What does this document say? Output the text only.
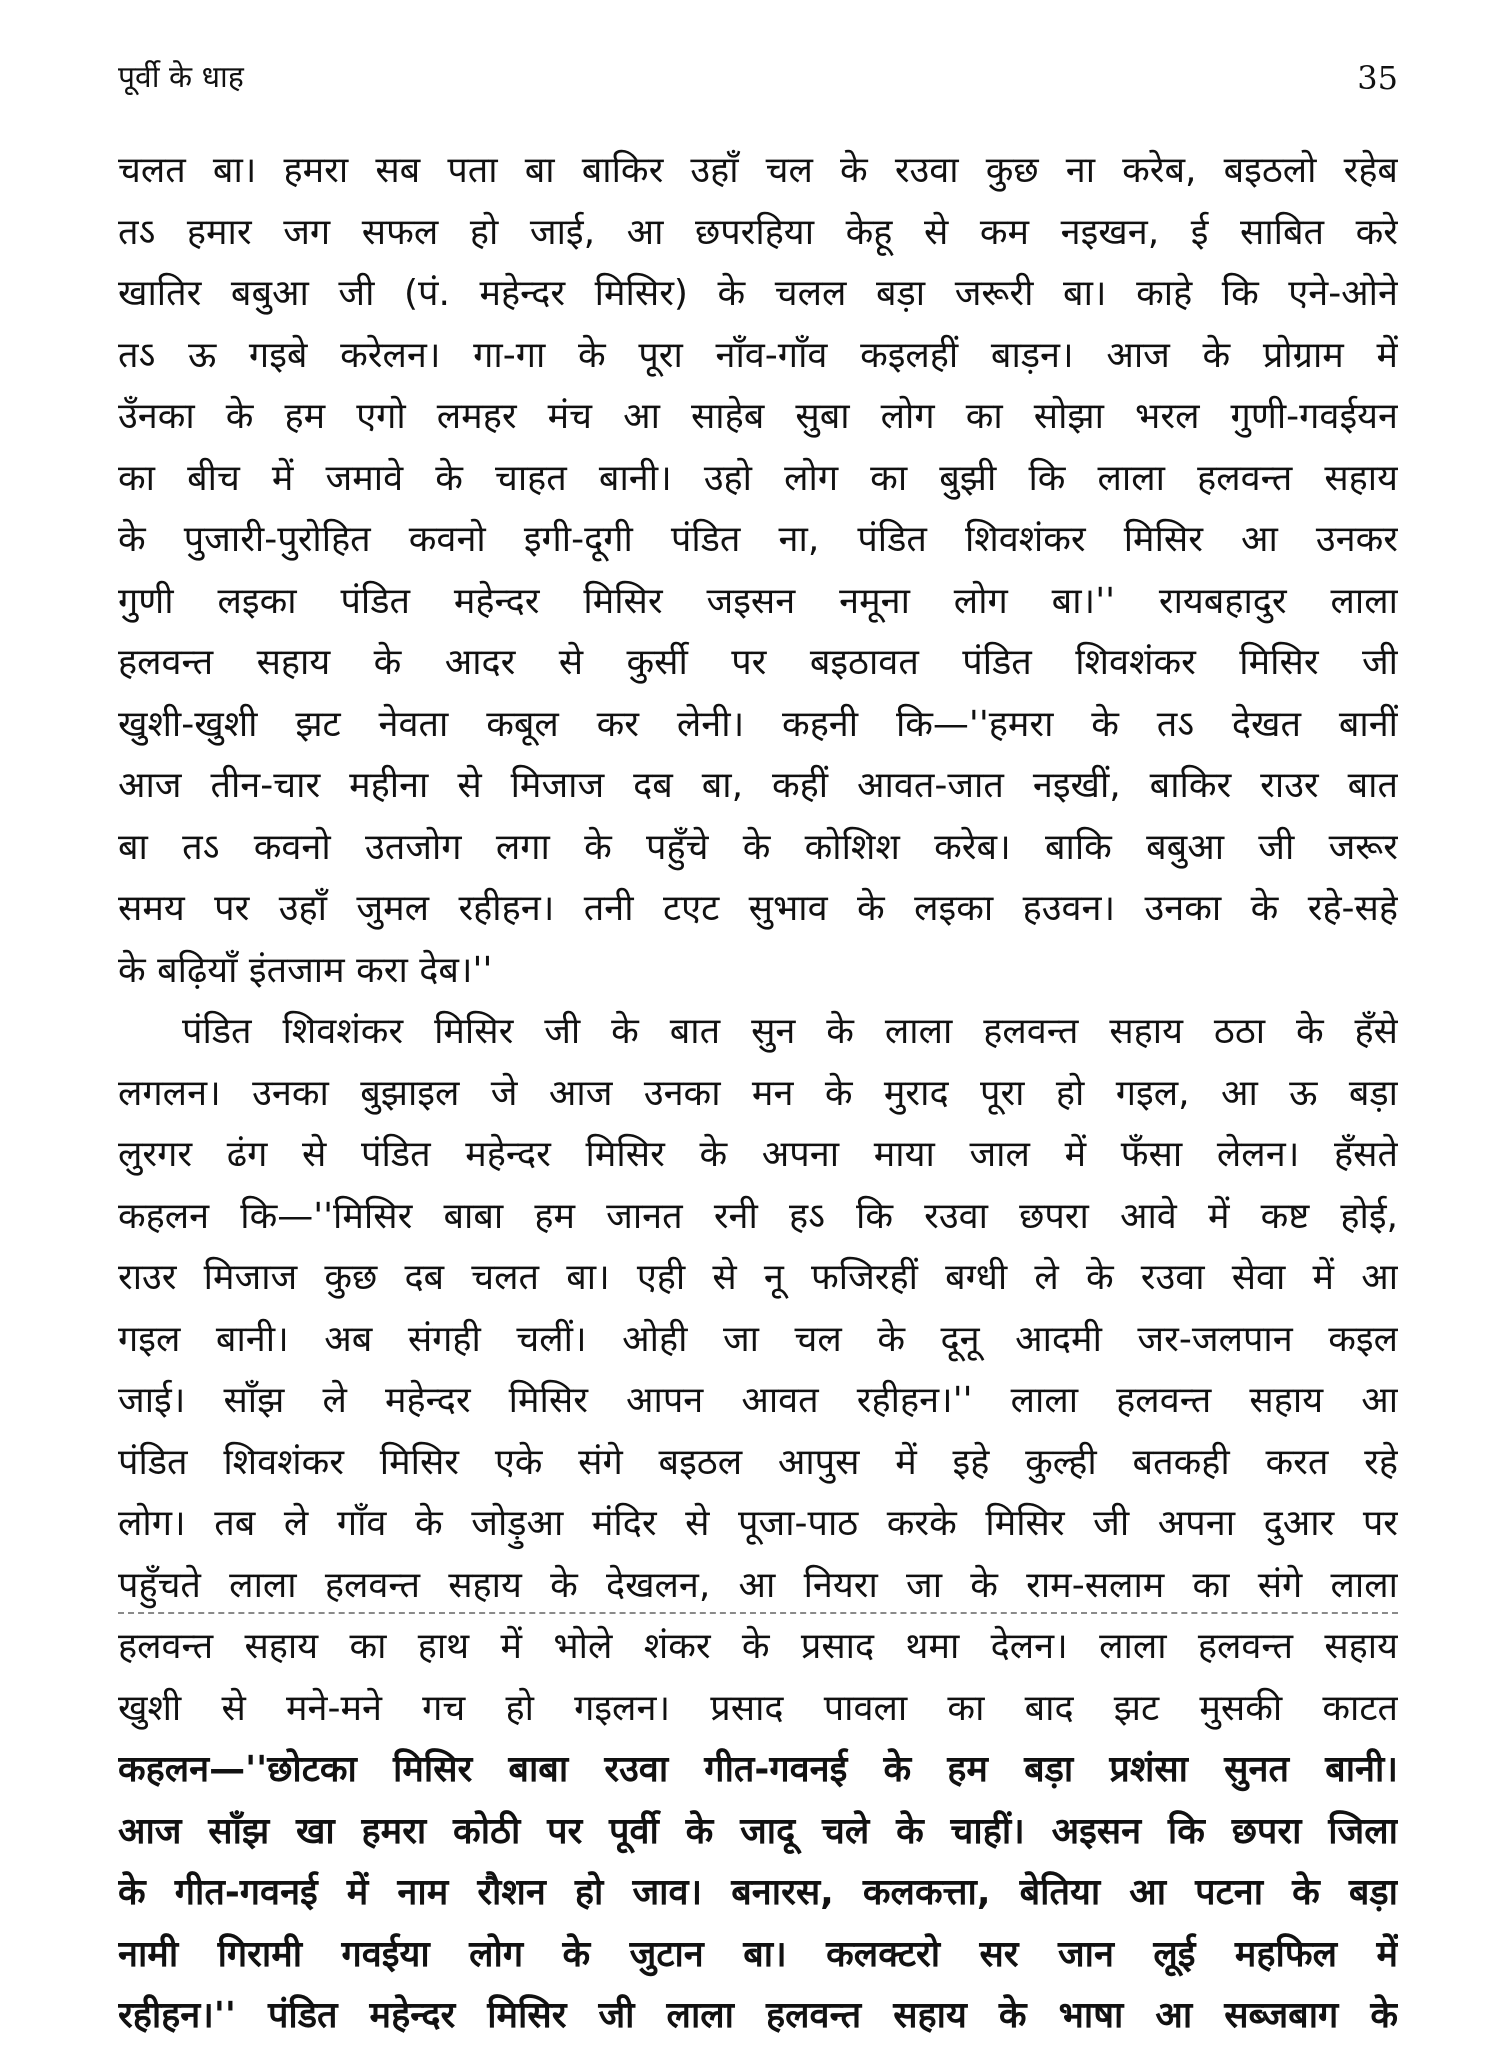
पूर्वी के धाह	35
चलत बा। हमरा सब पता बा बाकिर उहाँ चल के रउवा कुछ ना करेब, बइठलो रहेब
तऽ हमार जग सफल हो जाई, आ छपरहिया केहू से कम नइखन, ई साबित करे
खातिर बबुआ जी (पं. महेन्दर मिसिर) के चलल बड़ा जरूरी बा। काहे कि एने-ओने
तऽ ऊ गइबे करेलन। गा-गा के पूरा नाँव-गाँव कइलहीं बाड़न। आज के प्रोग्राम में
उँनका के हम एगो लमहर मंच आ साहेब सुबा लोग का सोझा भरल गुणी-गवईयन
का बीच में जमावे के चाहत बानी। उहो लोग का बुझी कि लाला हलवन्त सहाय
के पुजारी-पुरोहित कवनो इगी-दूगी पंडित ना, पंडित शिवशंकर मिसिर आ उनकर
गुणी लइका पंडित महेन्दर मिसिर जइसन नमूना लोग बा।'' रायबहादुर लाला
हलवन्त सहाय के आदर से कुर्सी पर बइठावत पंडित शिवशंकर मिसिर जी
खुशी-खुशी झट नेवता कबूल कर लेनी। कहनी कि—''हमरा के तऽ देखत बानीं
आज तीन-चार महीना से मिजाज दब बा, कहीं आवत-जात नइखीं, बाकिर राउर बात
बा तऽ कवनो उतजोग लगा के पहुँचे के कोशिश करेब। बाकि बबुआ जी जरूर
समय पर उहाँ जुमल रहीहन। तनी टएट सुभाव के लइका हउवन। उनका के रहे-सहे
के बढ़ियाँ इंतजाम करा देब।''
पंडित शिवशंकर मिसिर जी के बात सुन के लाला हलवन्त सहाय ठठा के हँसे
लगलन। उनका बुझाइल जे आज उनका मन के मुराद पूरा हो गइल, आ ऊ बड़ा
लुरगर ढंग से पंडित महेन्दर मिसिर के अपना माया जाल में फँसा लेलन। हँसते
कहलन कि—''मिसिर बाबा हम जानत रनी हऽ कि रउवा छपरा आवे में कष्ट होई,
राउर मिजाज कुछ दब चलत बा। एही से नू फजिरहीं बग्धी ले के रउवा सेवा में आ
गइल बानी। अब संगही चलीं। ओही जा चल के दूनू आदमी जर-जलपान कइल
जाई। साँझ ले महेन्दर मिसिर आपन आवत रहीहन।'' लाला हलवन्त सहाय आ
पंडित शिवशंकर मिसिर एके संगे बइठल आपुस में इहे कुल्ही बतकही करत रहे
लोग। तब ले गाँव के जोड़ुआ मंदिर से पूजा-पाठ करके मिसिर जी अपना दुआर पर
पहुँचते लाला हलवन्त सहाय के देखलन, आ नियरा जा के राम-सलाम का संगे लाला
हलवन्त सहाय का हाथ में भोले शंकर के प्रसाद थमा देलन। लाला हलवन्त सहाय
खुशी से मने-मने गच हो गइलन। प्रसाद पावला का बाद झट मुसकी काटत
कहलन—''छोटका मिसिर बाबा रउवा गीत-गवनई के हम बड़ा प्रशंसा सुनत बानी।
आज साँझ खा हमरा कोठी पर पूर्वी के जादू चले के चाहीं। अइसन कि छपरा जिला
के गीत-गवनई में नाम रौशन हो जाव। बनारस, कलकत्ता, बेतिया आ पटना के बड़ा
नामी गिरामी गवईया लोग के जुटान बा। कलक्टरो सर जान लूई महफिल में
रहीहन।'' पंडित महेन्दर मिसिर जी लाला हलवन्त सहाय के भाषा आ सब्जबाग के
